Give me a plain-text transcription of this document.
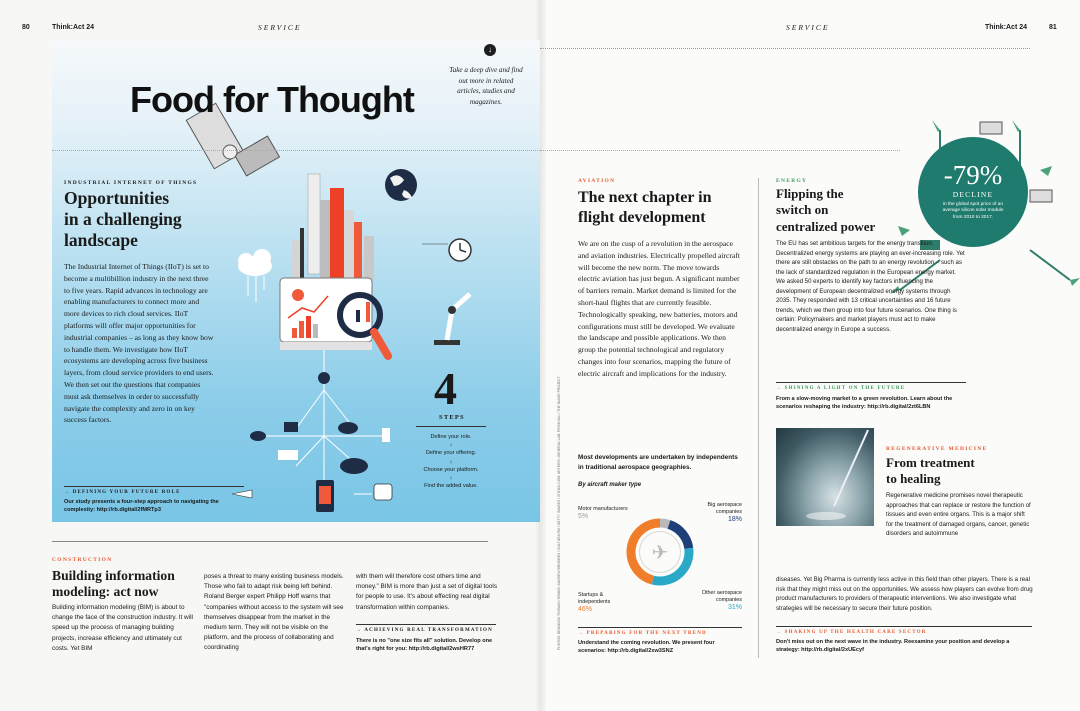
80	Think:Act 24	SERVICE	81
Think:Act 24
SERVICE
Food for Thought
Take a deep dive and find out more in related articles, studies and magazines.
INDUSTRIAL INTERNET OF THINGS
Opportunities
in a challenging
landscape
The Industrial Internet of Things (IIoT) is set to become a multibillion industry in the next three to five years. Rapid advances in technology are enabling manufacturers to connect more and more devices to rich cloud services. IIoT platforms will offer major opportunities for industrial companies – as long as they know how to handle them. We investigate how IIoT ecosystems are developing across five business layers, from cloud service providers to end users. We then set out the questions that companies must ask themselves in order to successfully navigate the complexity and zero in on key success factors.
→ DEFINING YOUR FUTURE ROLE
Our study presents a four-step approach to navigating the complexity: http://rb.digital/2fMRTp3
4
STEPS
Define your role.
↓
Define your offering.
↓
Choose your platform.
↓
Find the added value.
↓
CONSTRUCTION
Building information
modeling: act now
Building information modeling (BIM) is about to change the face of the construction industry. It will speed up the process of managing building projects, increase efficiency and ultimately cut costs. Yet BIM
poses a threat to many existing business models. Those who fail to adapt risk being left behind. Roland Berger expert Philipp Hoff warns that "companies without access to the system will see themselves disappear from the market in the medium term. They will not be visible on the platform, and the process of collaborating and coordinating
with them will therefore cost others time and money." BIM is more than just a set of digital tools for people to use. It's about effecting real digital transformation within companies.
→ ACHIEVING REAL TRANSFORMATION
There is no "one size fits all" solution. Develop one that's right for you: http://rb.digital/2wsHR77
AVIATION
The next chapter in
flight development
We are on the cusp of a revolution in the aerospace and aviation industries. Electrically propelled aircraft will become the new norm. The move towards electric aviation has just begun. A significant number of barriers remain. Market demand is limited for the short-haul flights that are currently feasible. Technologically speaking, new batteries, motors and configurations must still be developed. We evaluate the landscape and possible applications. We then group the potential technological and regulatory changes into four scenarios, mapping the future of electric aircraft and implications for the industry.
Most developments are undertaken by independents in traditional aerospace geographies.
By aircraft maker type
✈
Motor manufacturers
5%
Big aerospace companies
18%
Other aerospace companies
31%
Startups & independents
46%
→ PREPARING FOR THE NEXT TREND
Understand the coming revolution. We present four scenarios: http://rb.digital/2xw3SNZ
-79%
DECLINE
in the global spot price of an average silicon solar module from 2010 to 2017.
ENERGY
Flipping the
switch on
centralized power
The EU has set ambitious targets for the energy transition. Decentralized energy systems are playing an ever-increasing role. Yet there are still obstacles on the path to an energy revolution – such as the lack of standardized regulation in the European energy market. We asked 50 experts to identify key factors influencing the development of European decentralized energy systems through 2035. They responded with 13 critical uncertainties and 16 future trends, which we then group into four future scenarios. One thing is certain: Policymakers and market players must act to make decentralized energy in Europe a success.
→ SHINING A LIGHT ON THE FUTURE
From a slow-moving market to a green revolution. Learn about the scenarios reshaping the industry: http://rb.digital/2zt6LBN
REGENERATIVE MEDICINE
From treatment
to healing
Regenerative medicine promises novel therapeutic approaches that can replace or restore the function of tissues and even entire organs. This is a major shift for the treatment of damaged organs, cancer, genetic disorders and autoimmune
diseases. Yet Big Pharma is currently less active in this field than other players. There is a real risk that they might miss out on the opportunities. We assess how players can evolve from drug product manufacturers to providers of therapeutic interventions. We also investigate what strategies will be necessary to secure their future position.
→ SHAKING UP THE HEALTH CARE SECTOR
Don't miss out on the next wave in the industry. Reexamine your position and develop a strategy: http://rb.digital/2xUEcyf
